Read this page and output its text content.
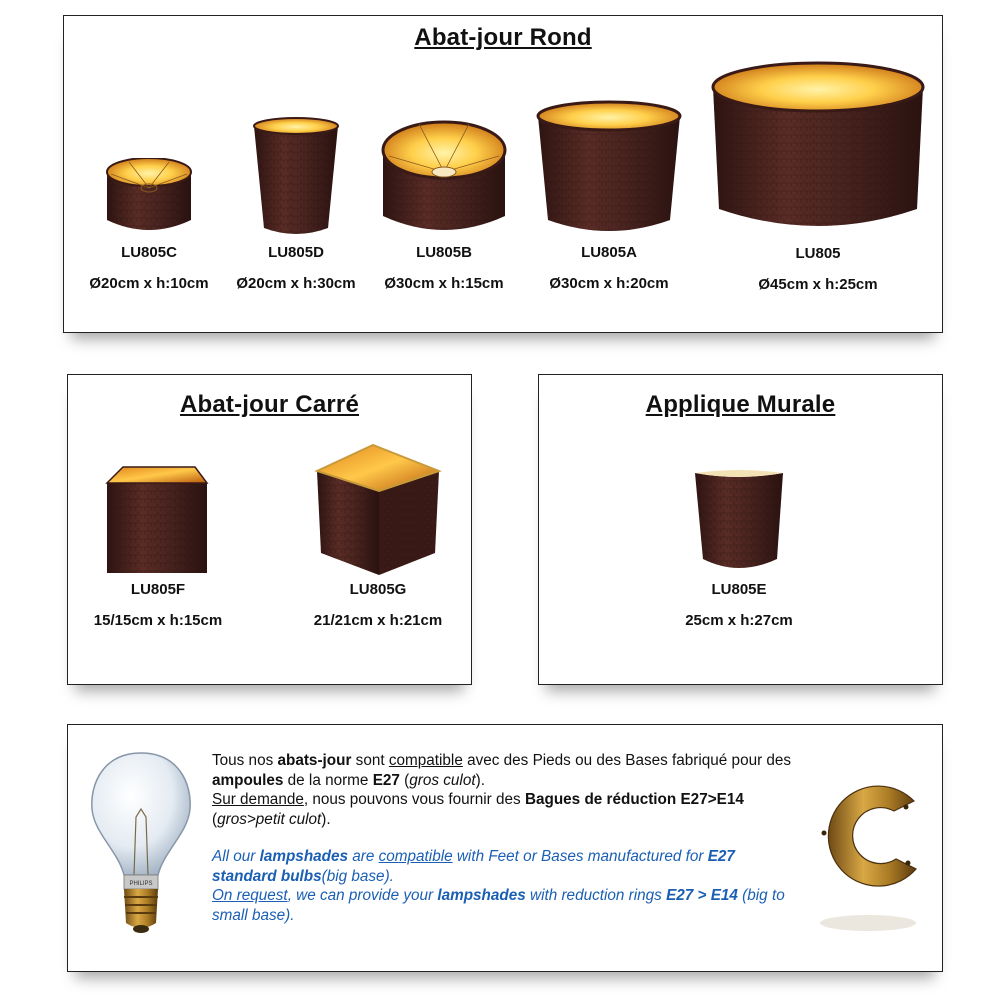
Abat-jour Rond
LU805C
Ø20cm x h:10cm
LU805D
Ø20cm x h:30cm
LU805B
Ø30cm x h:15cm
LU805A
Ø30cm x h:20cm
LU805
Ø45cm x h:25cm
Abat-jour Carré
LU805F
15/15cm x h:15cm
LU805G
21/21cm x h:21cm
Applique Murale
LU805E
25cm x h:27cm
PHILIPS
Tous nos abats-jour sont compatible avec des Pieds ou des Bases fabriqué pour des ampoules de la norme E27 (gros culot).
Sur demande, nous pouvons vous fournir des Bagues de réduction E27>E14 (gros>petit culot).
All our lampshades are compatible with Feet or Bases manufactured for E27 standard bulbs(big base).
On request, we can provide your lampshades with reduction rings E27 > E14 (big to small base).
